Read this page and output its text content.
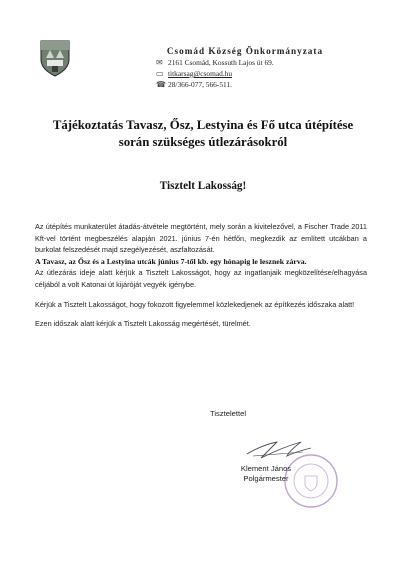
Csomád Község Önkormányzata
✉ 2161 Csomád, Kossuth Lajos út 69.
▭ titkarsag@csomad.hu
☎ 28/366-077, 566-511.
Tájékoztatás Tavasz, Ősz, Lestyina és Fő utca útépítése
során szükséges útlezárásokról
Tisztelt Lakosság!

Az útépítés munkaterület átadás-átvétele megtörtént, mely során a kivitelezővel, a Fischer Trade 2011 Kft-vel történt megbeszélés alapján 2021. június 7-én hétfőn, megkezdik az említett utcákban a burkolat felszedését majd szegélyezését, aszfaltozását.

A Tavasz, az Ősz és a Lestyina utcák június 7-től kb. egy hónapig le lesznek zárva.

Az útlezárás ideje alatt kérjük a Tisztelt Lakosságot, hogy az ingatlanjaik megközelítése/elhagyása céljából a volt Katonai út kijáróját vegyék igénybe.

Kérjük a Tisztelt Lakosságot, hogy fokozott figyelemmel közlekedjenek az építkezés időszaka alatt!

Ezen időszak alatt kérjük a Tisztelt Lakosság megértését, türelmét.

Tisztelettel
Klement János
Polgármester
